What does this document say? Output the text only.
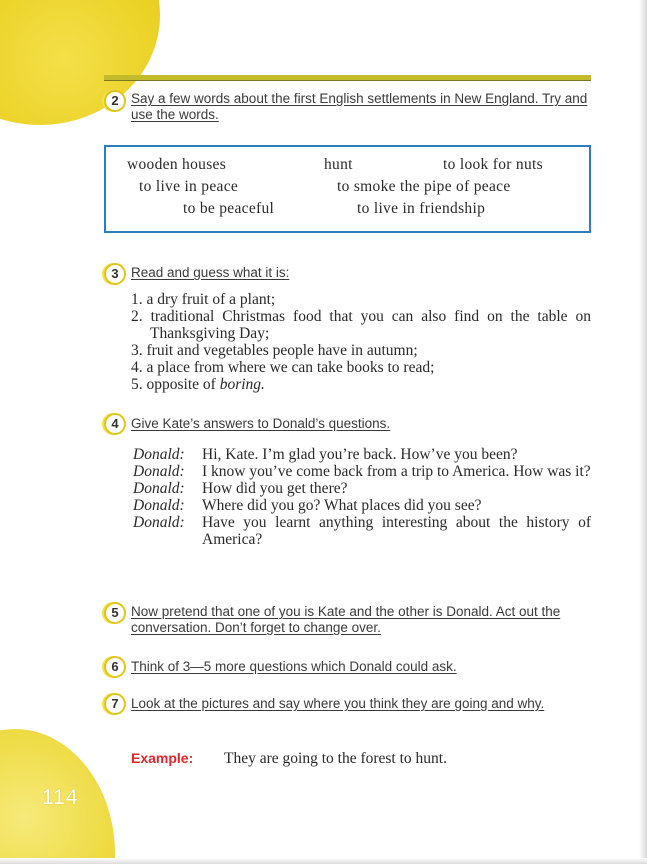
114
2 Say a few words about the first English settlements in New England. Try and use the words.

wooden houses	hunt	to look for nuts
to live in peace	to smoke the pipe of peace
to be peaceful	to live in friendship
3 Read and guess what it is:

1. a dry fruit of a plant;
2. traditional Christmas food that you can also find on the table on Thanksgiving Day;
3. fruit and vegetables people have in autumn;
4. a place from where we can take books to read;
5. opposite of boring.
4 Give Kate’s answers to Donald’s questions.

Donald: Hi, Kate. I’m glad you’re back. How’ve you been?
Donald: I know you’ve come back from a trip to America. How was it?
Donald: How did you get there?
Donald: Where did you go? What places did you see?
Donald: Have you learnt anything interesting about the history of America?
5 Now pretend that one of you is Kate and the other is Donald. Act out the conversation. Don’t forget to change over.

6 Think of 3—5 more questions which Donald could ask.

7 Look at the pictures and say where you think they are going and why.

Example: They are going to the forest to hunt.
